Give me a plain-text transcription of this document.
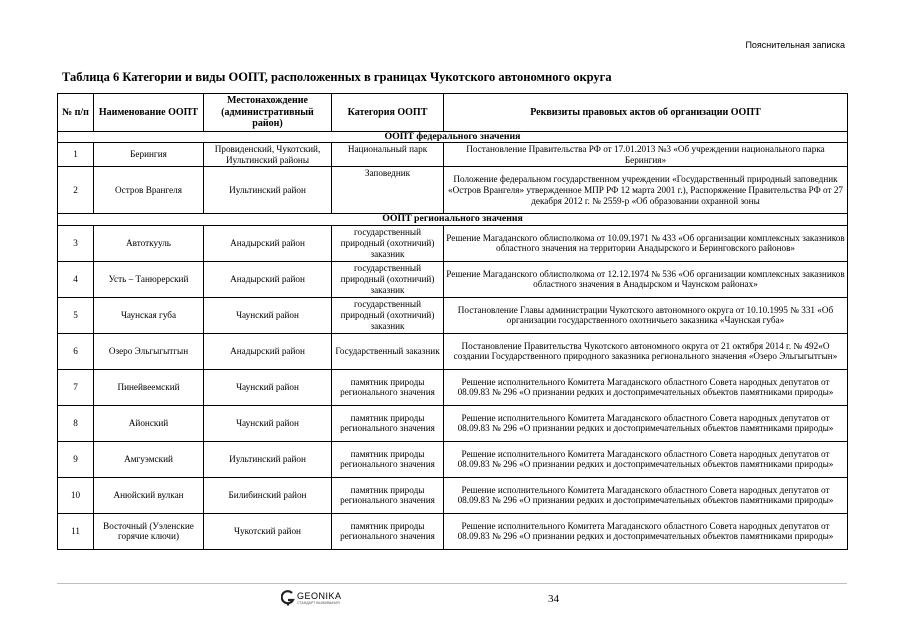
Пояснительная записка
Таблица 6 Категории и виды ООПТ, расположенных в границах Чукотского автономного округа
№ п/п	Наименование ООПТ	Местонахождение (административный район)	Категория ООПТ	Реквизиты правовых актов об организации ООПТ
ООПТ федерального значения				
1	Берингия	Провиденский, Чукотский, Иультинский районы	Национальный парк	Постановление Правительства РФ от 17.01.2013 №3 «Об учреждении национального парка Берингия»
2	Остров Врангеля	Иультинский район	Заповедник	Положение федеральном государственном учреждении «Государственный природный заповедник «Остров Врангеля» утвержденное МПР РФ 12 марта 2001 г.), Распоряжение Правительства РФ от 27 декабря 2012 г. № 2559-р «Об образовании охранной зоны
ООПТ регионального значения				
3	Автоткууль	Анадырский район	государственный природный (охотничий) заказник	Решение Магаданского облисполкома от 10.09.1971 № 433 «Об организации комплексных заказников областного значения на территории Анадырского и Беринговского районов»
4	Усть – Танюрерский	Анадырский район	государственный природный (охотничий) заказник	Решение Магаданского облисполкома от 12.12.1974 № 536 «Об организации комплексных заказников областного значения в Анадырском и Чаунском районах»
5	Чаунская губа	Чаунский район	государственный природный (охотничий) заказник	Постановление Главы администрации Чукотского автономного округа от 10.10.1995 № 331 «Об организации государственного охотничьего заказника «Чаунская губа»
6	Озеро Эльгыгытгын	Анадырский район	Государственный заказник	Постановление Правительства Чукотского автономного округа от 21 октября 2014 г. № 492«О создании Государственного природного заказника регионального значения «Озеро Эльгыгытгын»
7	Пинейвеемский	Чаунский район	памятник природы регионального значения	Решение исполнительного Комитета Магаданского областного Совета народных депутатов от 08.09.83 № 296 «О признании редких и достопримечательных объектов памятниками природы»
8	Айонский	Чаунский район	памятник природы регионального значения	Решение исполнительного Комитета Магаданского областного Совета народных депутатов от 08.09.83 № 296 «О признании редких и достопримечательных объектов памятниками природы»
9	Амгуэмский	Иультинский район	памятник природы регионального значения	Решение исполнительного Комитета Магаданского областного Совета народных депутатов от 08.09.83 № 296 «О признании редких и достопримечательных объектов памятниками природы»
10	Анюйский вулкан	Билибинский район	памятник природы регионального значения	Решение исполнительного Комитета Магаданского областного Совета народных депутатов от 08.09.83 № 296 «О признании редких и достопримечательных объектов памятниками природы»
11	Восточный (Уэленские горячие ключи)	Чукотский район	памятник природы регионального значения	Решение исполнительного Комитета Магаданского областного Совета народных депутатов от 08.09.83 № 296 «О признании редких и достопримечательных объектов памятниками природы»
GEONIKA
СТАНДАРТ ВЫЖИВАНИЯ	34
